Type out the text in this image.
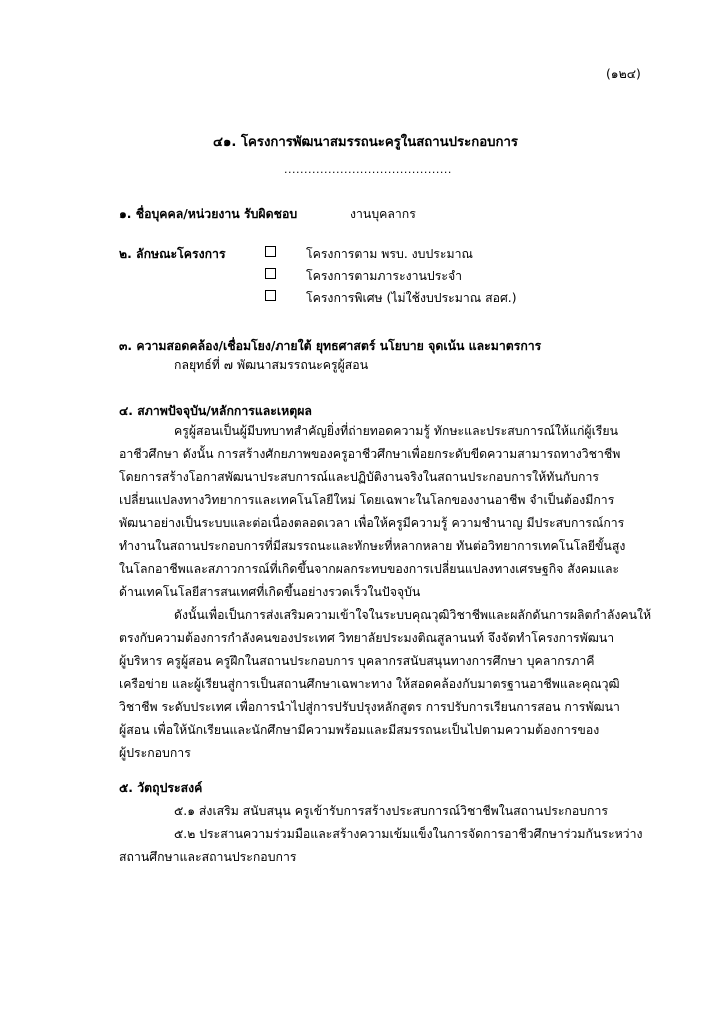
(๑๒๔)
๔๑. โครงการพัฒนาสมรรถนะครูในสถานประกอบการ
..........................................
๑. ชื่อบุคคล/หน่วยงาน รับผิดชอบ	งานบุคลากร
๒. ลักษณะโครงการ	โครงการตาม พรบ. งบประมาณ
โครงการตามภาระงานประจำ
โครงการพิเศษ (ไม่ใช้งบประมาณ สอศ.)
๓. ความสอดคล้อง/เชื่อมโยง/ภายใต้ ยุทธศาสตร์ นโยบาย จุดเน้น และมาตรการ
กลยุทธ์ที่ ๗ พัฒนาสมรรถนะครูผู้สอน
๔. สภาพปัจจุบัน/หลักการและเหตุผล
ครูผู้สอนเป็นผู้มีบทบาทสำคัญยิ่งที่ถ่ายทอดความรู้ ทักษะและประสบการณ์ให้แก่ผู้เรียน
อาชีวศึกษา ดังนั้น การสร้างศักยภาพของครูอาชีวศึกษาเพื่อยกระดับขีดความสามารถทางวิชาชีพ
โดยการสร้างโอกาสพัฒนาประสบการณ์และปฏิบัติงานจริงในสถานประกอบการให้ทันกับการ
เปลี่ยนแปลงทางวิทยาการและเทคโนโลยีใหม่ โดยเฉพาะในโลกของงานอาชีพ จำเป็นต้องมีการ
พัฒนาอย่างเป็นระบบและต่อเนื่องตลอดเวลา เพื่อให้ครูมีความรู้ ความชำนาญ มีประสบการณ์การ
ทำงานในสถานประกอบการที่มีสมรรถนะและทักษะที่หลากหลาย ทันต่อวิทยาการเทคโนโลยีขั้นสูง
ในโลกอาชีพและสภาวการณ์ที่เกิดขึ้นจากผลกระทบของการเปลี่ยนแปลงทางเศรษฐกิจ สังคมและ
ด้านเทคโนโลยีสารสนเทศที่เกิดขึ้นอย่างรวดเร็วในปัจจุบัน
ดังนั้นเพื่อเป็นการส่งเสริมความเข้าใจในระบบคุณวุฒิวิชาชีพและผลักดันการผลิตกำลังคนให้
ตรงกับความต้องการกำลังคนของประเทศ วิทยาลัยประมงติณสูลานนท์ จึงจัดทำโครงการพัฒนา
ผู้บริหาร ครูผู้สอน ครูฝึกในสถานประกอบการ บุคลากรสนับสนุนทางการศึกษา บุคลากรภาคี
เครือข่าย และผู้เรียนสู่การเป็นสถานศึกษาเฉพาะทาง ให้สอดคล้องกับมาตรฐานอาชีพและคุณวุฒิ
วิชาชีพ ระดับประเทศ เพื่อการนำไปสู่การปรับปรุงหลักสูตร การปรับการเรียนการสอน การพัฒนา
ผู้สอน เพื่อให้นักเรียนและนักศึกษามีความพร้อมและมีสมรรถนะเป็นไปตามความต้องการของ
ผู้ประกอบการ
๕. วัตถุประสงค์
๕.๑ ส่งเสริม สนับสนุน ครูเข้ารับการสร้างประสบการณ์วิชาชีพในสถานประกอบการ
๕.๒ ประสานความร่วมมือและสร้างความเข้มแข็งในการจัดการอาชีวศึกษาร่วมกันระหว่าง
สถานศึกษาและสถานประกอบการ
